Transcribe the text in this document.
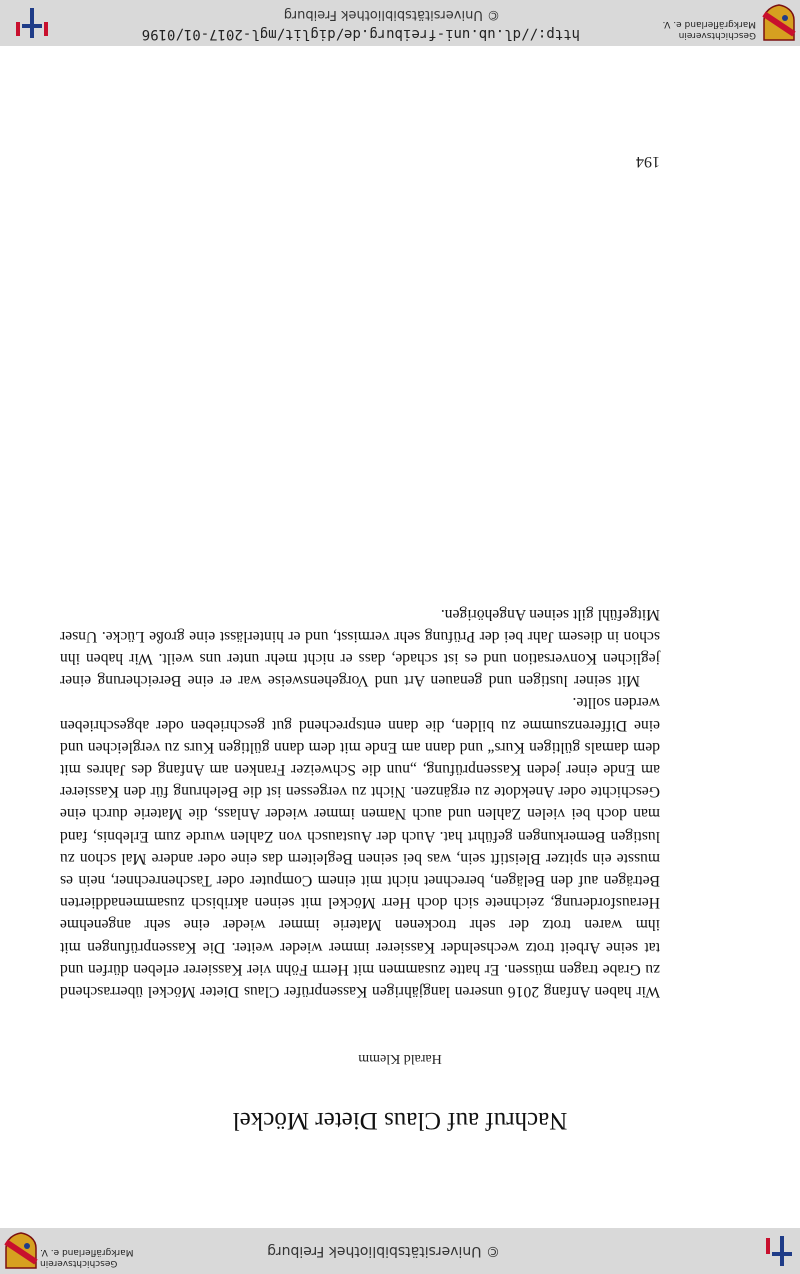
© Universitätsbibliothek Freiburg
Geschichtsverein
Markgräflerland e. V.
Nachruf auf Claus Dieter Möckel
Harald Klemm

Wir haben Anfang 2016 unseren langjährigen Kassenprüfer Claus Dieter Möckel überraschend zu Grabe tragen müssen. Er hatte zusammen mit Herrn Föhn vier Kassierer erleben dürfen und tat seine Arbeit trotz wechselnder Kassierer immer wieder weiter. Die Kassenprüfungen mit ihm waren trotz der sehr trockenen Materie immer wieder eine sehr angenehme Herausforderung, zeichnete sich doch Herr Möckel mit seinen akribisch zusammenaddierten Beträgen auf den Belägen, berechnet nicht mit einem Computer oder Taschenrechner, nein es musste ein spitzer Bleistift sein, was bei seinen Begleitern das eine oder andere Mal schon zu lustigen Bemerkungen geführt hat. Auch der Austausch von Zahlen wurde zum Erlebnis, fand man doch bei vielen Zahlen und auch Namen immer wieder Anlass, die Materie durch eine Geschichte oder Anekdote zu ergänzen. Nicht zu vergessen ist die Belehrung für den Kassierer am Ende einer jeden Kassenprüfung, „nun die Schweizer Franken am Anfang des Jahres mit dem damals gültigen Kurs“ und dann am Ende mit dem dann gültigen Kurs zu vergleichen und eine Differenzsumme zu bilden, die dann entsprechend gut geschrieben oder abgeschrieben werden sollte.

Mit seiner lustigen und genauen Art und Vorgehensweise war er eine Bereicherung einer jeglichen Konversation und es ist schade, dass er nicht mehr unter uns weilt. Wir haben ihn schon in diesem Jahr bei der Prüfung sehr vermisst, und er hinterlässt eine große Lücke. Unser Mitgefühl gilt seinen Angehörigen.

194
Geschichtsverein
Markgräflerland e. V.
http://dl.ub.uni-freiburg.de/diglit/mgl-2017-01/0196
© Universitätsbibliothek Freiburg
